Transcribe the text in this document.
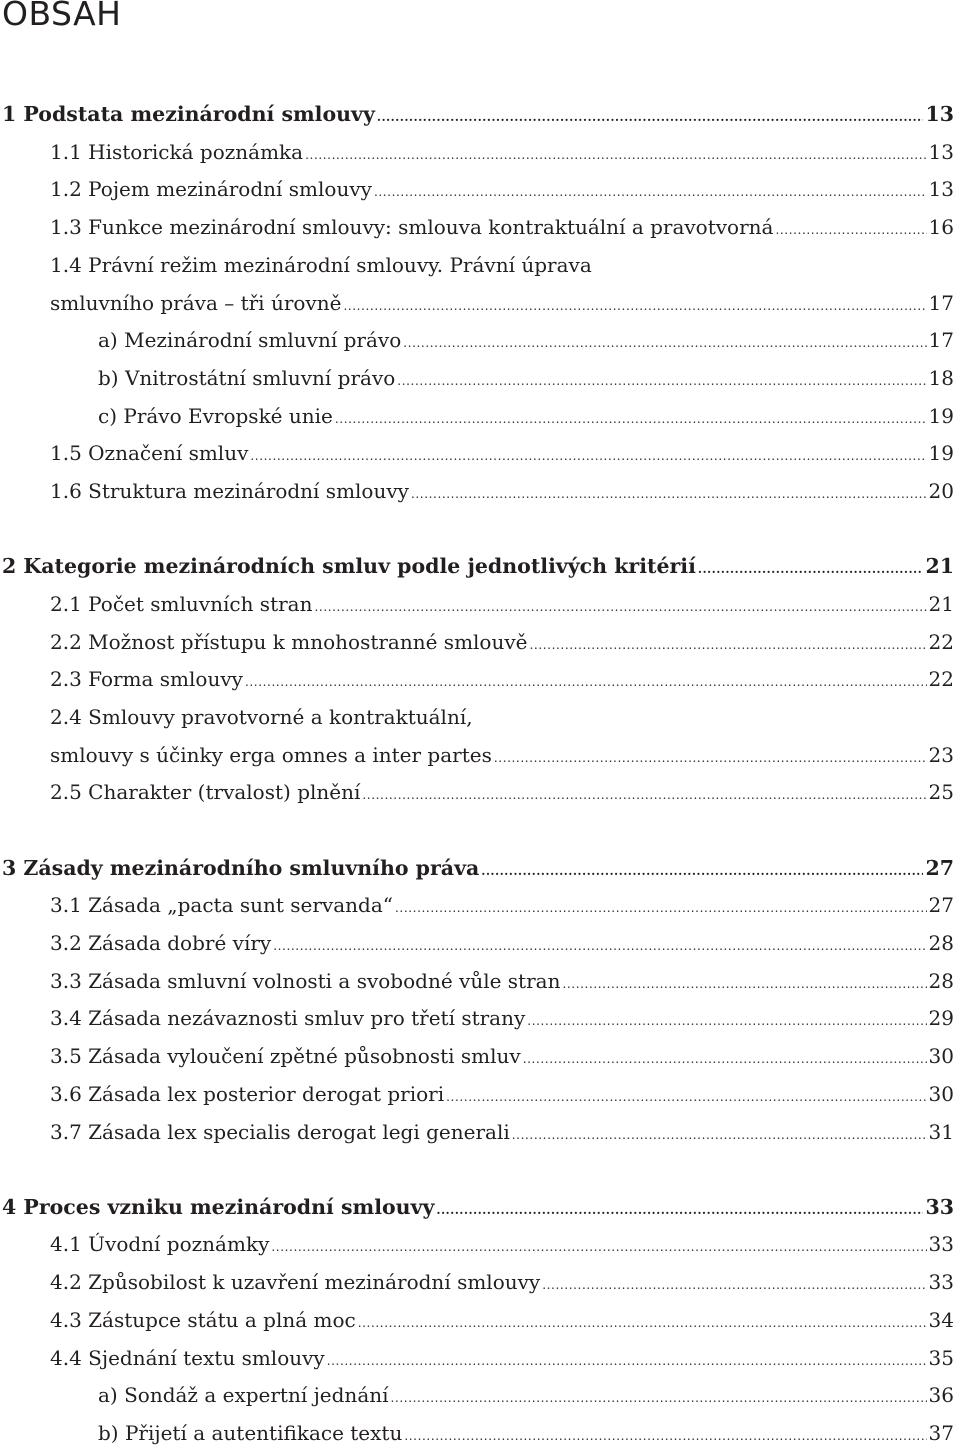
OBSAH
1 Podstata mezinárodní smlouvy .....	13
1.1 Historická poznámka .....	13
1.2 Pojem mezinárodní smlouvy .....	13
1.3 Funkce mezinárodní smlouvy: smlouva kontraktuální a pravotvorná .....	16
1.4 Právní režim mezinárodní smlouvy. Právní úprava
smluvního práva – tři úrovně .....	17
a) Mezinárodní smluvní právo .....	17
b) Vnitrostátní smluvní právo .....	18
c) Právo Evropské unie .....	19
1.5 Označení smluv .....	19
1.6 Struktura mezinárodní smlouvy .....	20
2 Kategorie mezinárodních smluv podle jednotlivých kritérií .....	21
2.1 Počet smluvních stran .....	21
2.2 Možnost přístupu k mnohostranné smlouvě .....	22
2.3 Forma smlouvy .....	22
2.4 Smlouvy pravotvorné a kontraktuální,
smlouvy s účinky erga omnes a inter partes .....	23
2.5 Charakter (trvalost) plnění .....	25
3 Zásady mezinárodního smluvního práva .....	27
3.1 Zásada „pacta sunt servanda“ .....	27
3.2 Zásada dobré víry .....	28
3.3 Zásada smluvní volnosti a svobodné vůle stran .....	28
3.4 Zásada nezávaznosti smluv pro třetí strany .....	29
3.5 Zásada vyloučení zpětné působnosti smluv .....	30
3.6 Zásada lex posterior derogat priori .....	30
3.7 Zásada lex specialis derogat legi generali .....	31
4 Proces vzniku mezinárodní smlouvy .....	33
4.1 Úvodní poznámky .....	33
4.2 Způsobilost k uzavření mezinárodní smlouvy .....	33
4.3 Zástupce státu a plná moc .....	34
4.4 Sjednání textu smlouvy .....	35
a) Sondáž a expertní jednání .....	36
b) Přijetí a autentifikace textu .....	37
